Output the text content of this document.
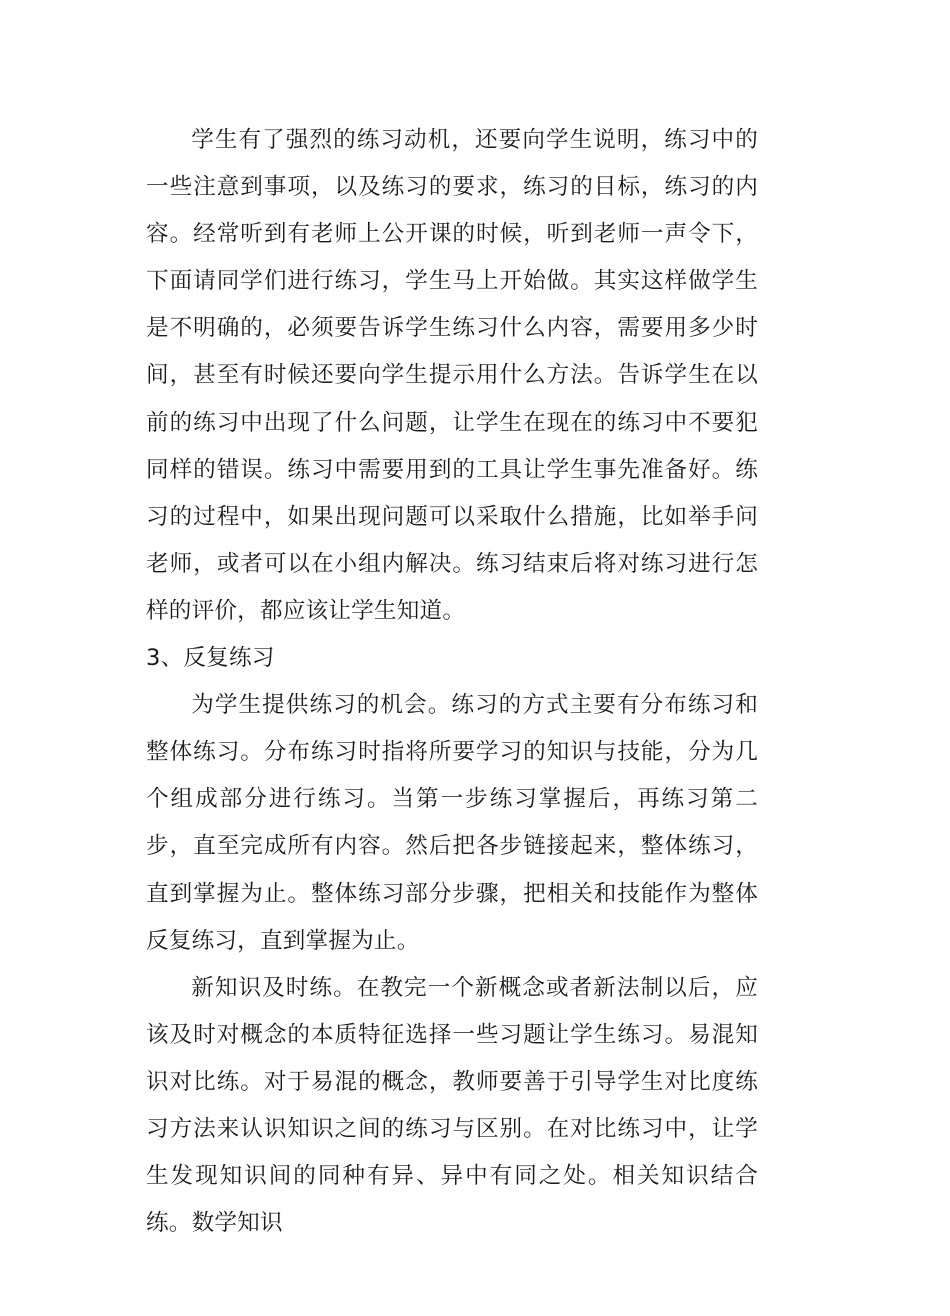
学生有了强烈的练习动机，还要向学生说明，练习中的一些注意到事项，以及练习的要求，练习的目标，练习的内容。经常听到有老师上公开课的时候，听到老师一声令下，下面请同学们进行练习，学生马上开始做。其实这样做学生是不明确的，必须要告诉学生练习什么内容，需要用多少时间，甚至有时候还要向学生提示用什么方法。告诉学生在以前的练习中出现了什么问题，让学生在现在的练习中不要犯同样的错误。练习中需要用到的工具让学生事先准备好。练习的过程中，如果出现问题可以采取什么措施，比如举手问老师，或者可以在小组内解决。练习结束后将对练习进行怎样的评价，都应该让学生知道。

3、反复练习

为学生提供练习的机会。练习的方式主要有分布练习和整体练习。分布练习时指将所要学习的知识与技能，分为几个组成部分进行练习。当第一步练习掌握后，再练习第二步，直至完成所有内容。然后把各步链接起来，整体练习，直到掌握为止。整体练习部分步骤，把相关和技能作为整体反复练习，直到掌握为止。

新知识及时练。在教完一个新概念或者新法制以后，应该及时对概念的本质特征选择一些习题让学生练习。易混知识对比练。对于易混的概念，教师要善于引导学生对比度练习方法来认识知识之间的练习与区别。在对比练习中，让学生发现知识间的同种有异、异中有同之处。相关知识结合练。数学知识
